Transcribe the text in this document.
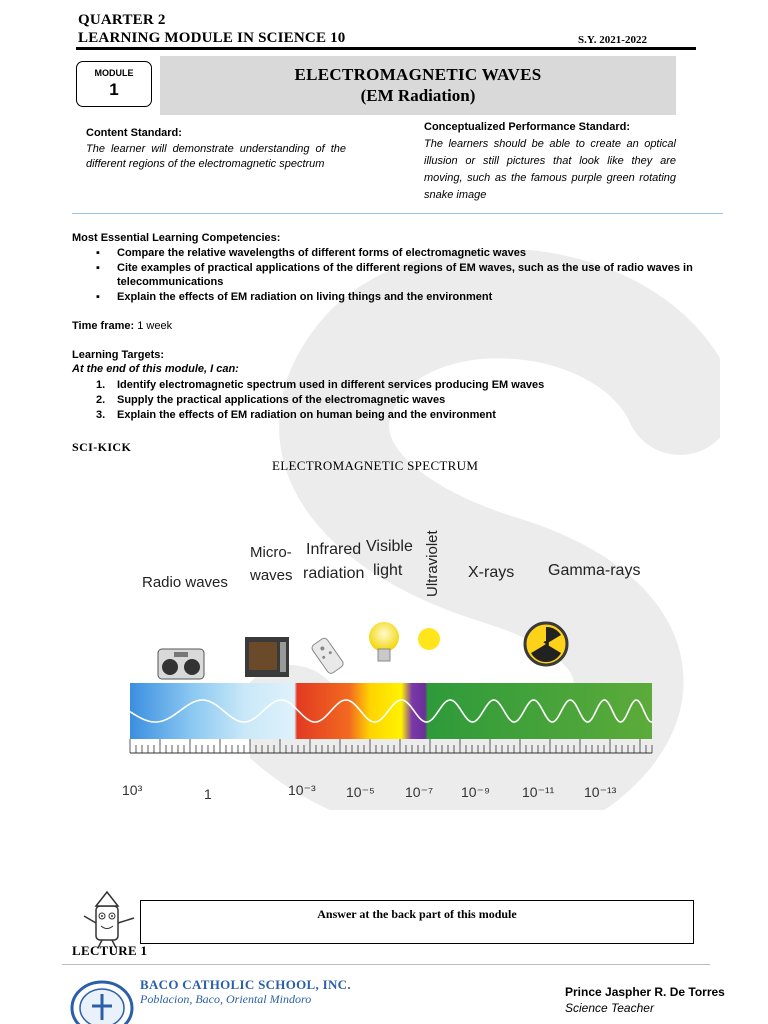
QUARTER 2
LEARNING MODULE IN SCIENCE 10	S.Y. 2021-2022
MODULE
1
ELECTROMAGNETIC WAVES
(EM Radiation)
Content Standard:
The learner will demonstrate understanding of the different regions of the electromagnetic spectrum
Conceptualized Performance Standard:
The learners should be able to create an optical illusion or still pictures that look like they are moving, such as the famous purple green rotating snake image
Most Essential Learning Competencies:
▪ Compare the relative wavelengths of different forms of electromagnetic waves
▪ Cite examples of practical applications of the different regions of EM waves, such as the use of radio waves in telecommunications
▪ Explain the effects of EM radiation on living things and the environment
Time frame: 1 week
Learning Targets:
At the end of this module, I can:
1. Identify electromagnetic spectrum used in different services producing EM waves
2. Supply the practical applications of the electromagnetic waves
3. Explain the effects of EM radiation on human being and the environment
SCI-KICK
ELECTROMAGNETIC SPECTRUM
Radio waves
Micro-
waves
Infrared
radiation
Visible
light Ultraviolet X-rays Gamma-rays
10³	1	10⁻³ 10⁻⁵ 10⁻⁷ 10⁻⁹ 10⁻¹¹ 10⁻¹³
Answer at the back part of this module
LECTURE 1
BACO CATHOLIC SCHOOL, INC.
Poblacion, Baco, Oriental Mindoro	Prince Jaspher R. De Torres
Science Teacher
